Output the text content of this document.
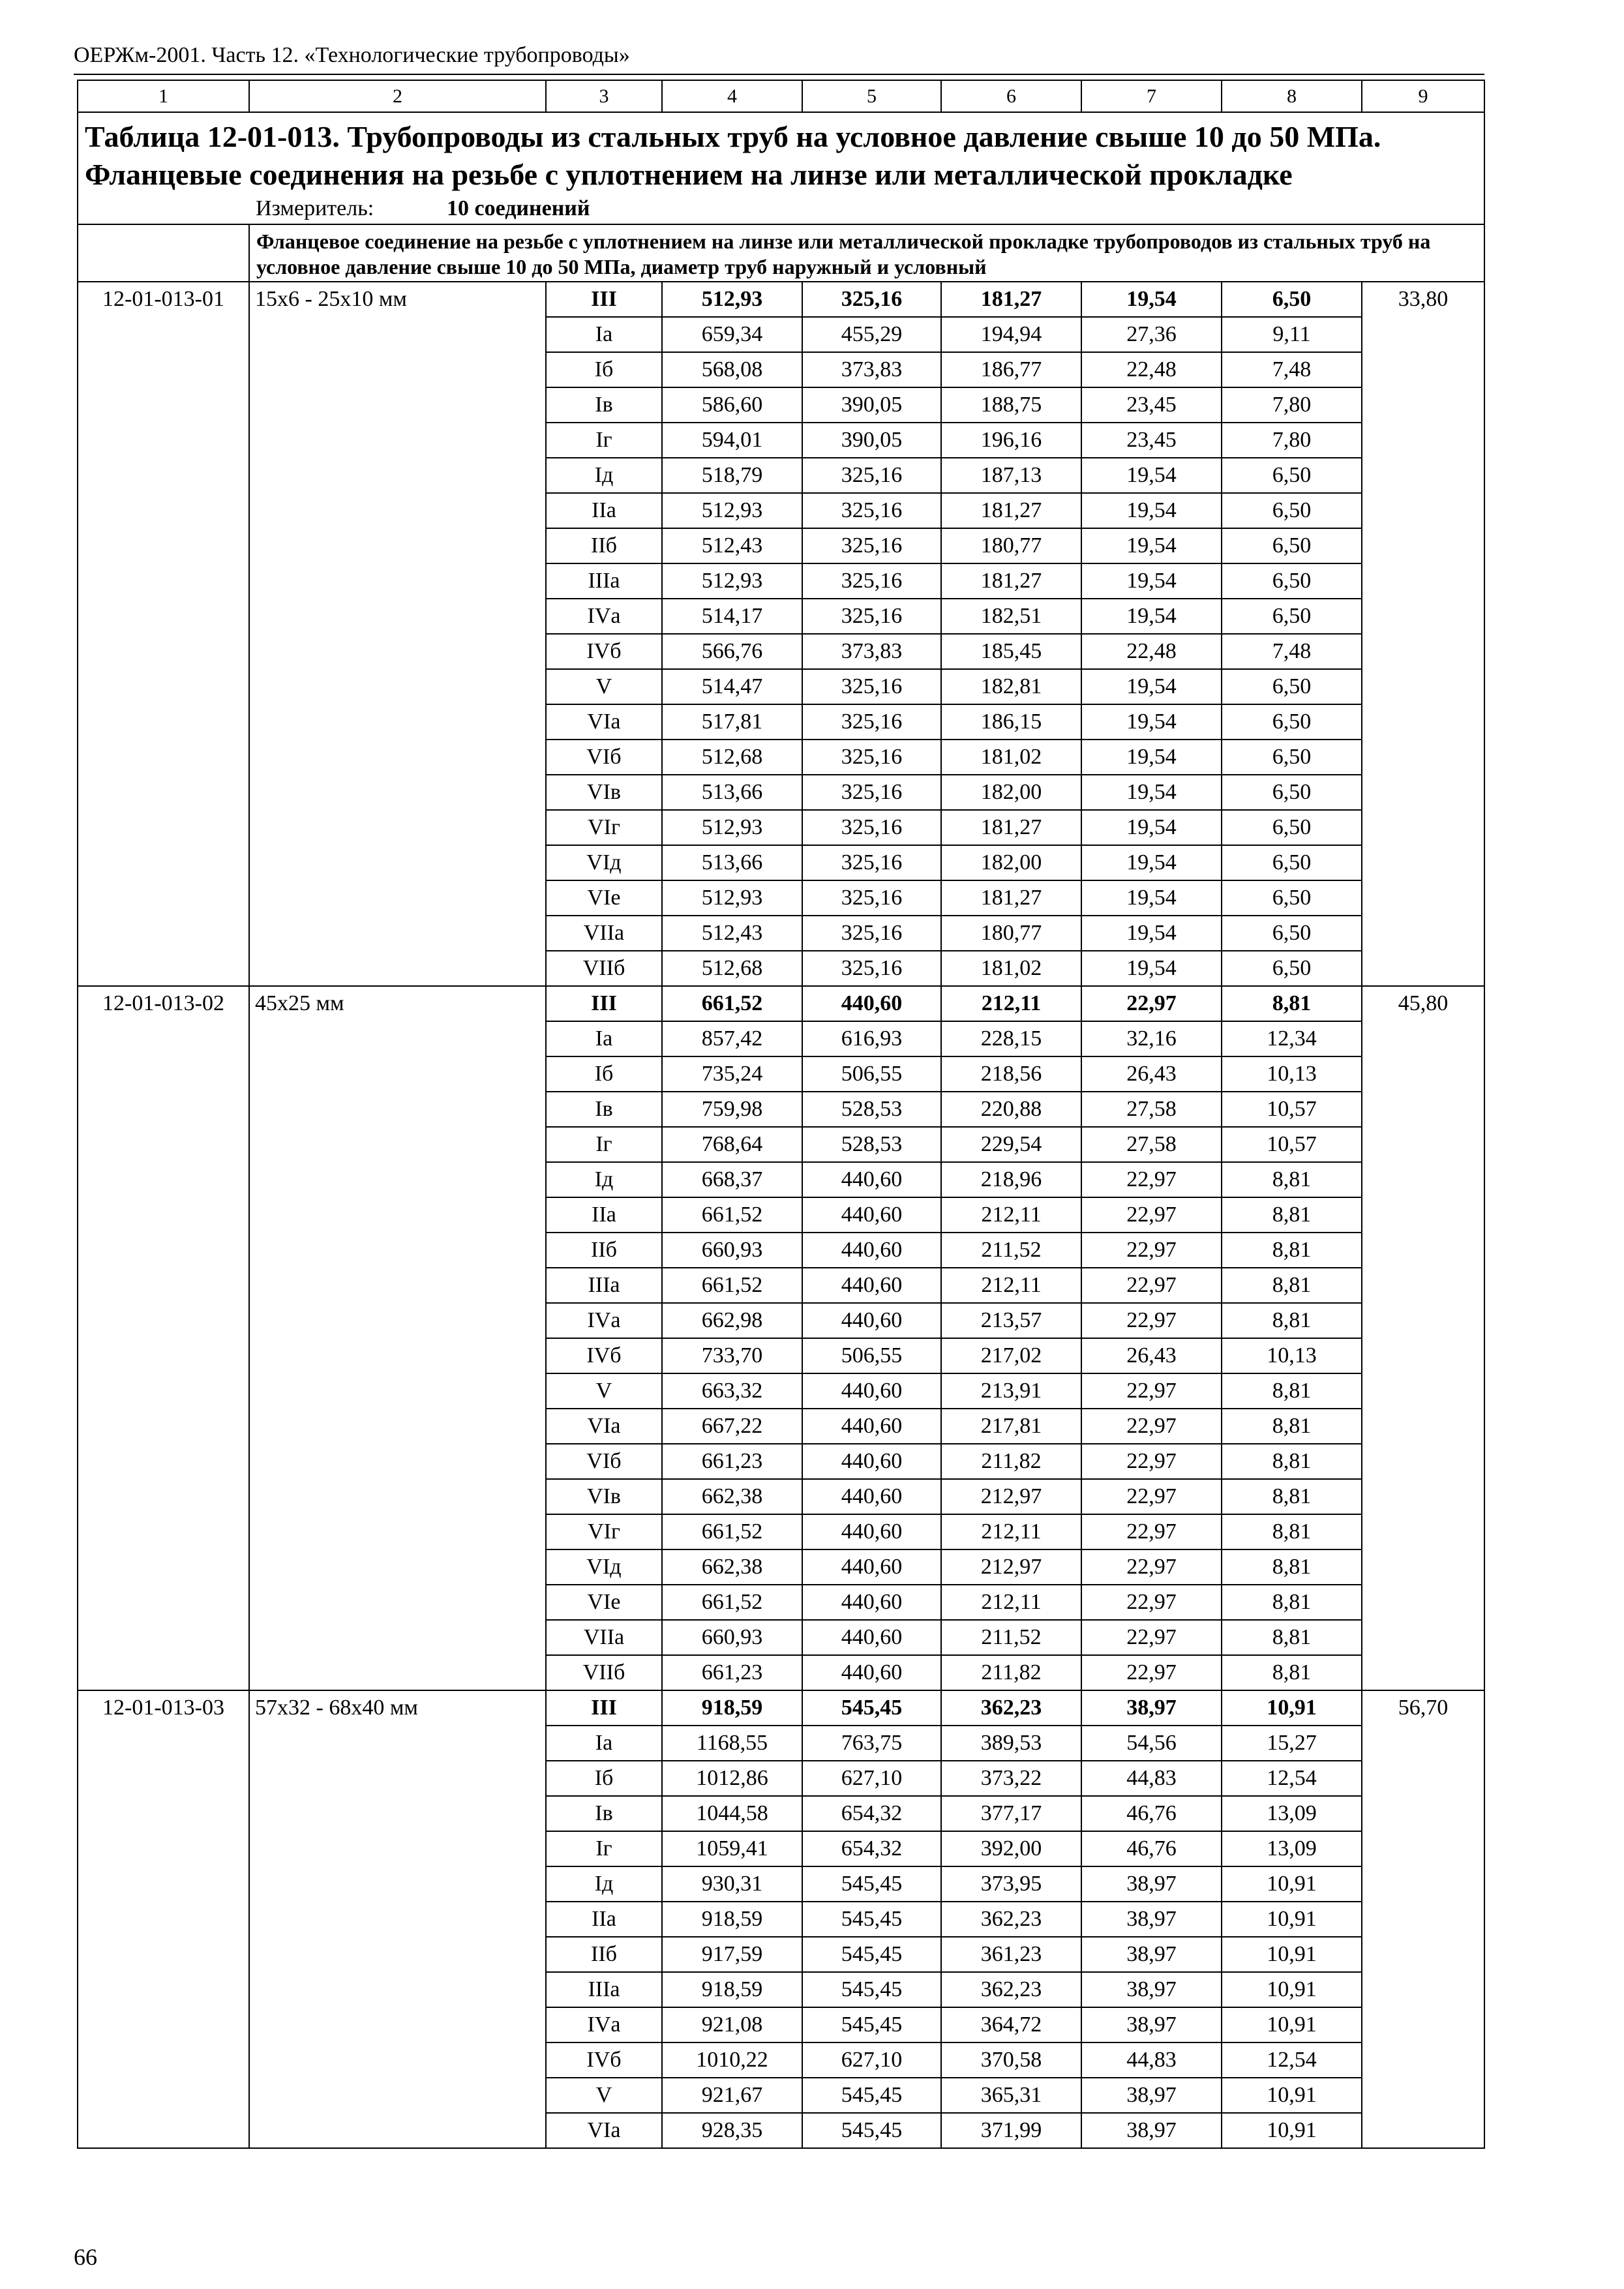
ОЕРЖм-2001. Часть 12. «Технологические трубопроводы»
1	2	3	4	5	6	7	8	9
Таблица 12-01-013. Трубопроводы из стальных труб на условное давление свыше 10 до 50 МПа. Фланцевые соединения на резьбе с уплотнением на линзе или металлической прокладке								

Измеритель: 10 соединений								

	Фланцевое соединение на резьбе с уплотнением на линзе или металлической прокладке трубопроводов из стальных труб на условное давление свыше 10 до 50 МПа, диаметр труб наружный и условный							
12-01-013-01	15х6 - 25х10 мм	III	512,93	325,16	181,27	19,54	6,50	33,80
		Iа	659,34	455,29	194,94	27,36	9,11	
		Iб	568,08	373,83	186,77	22,48	7,48	
		Iв	586,60	390,05	188,75	23,45	7,80	
		Iг	594,01	390,05	196,16	23,45	7,80	
		Iд	518,79	325,16	187,13	19,54	6,50	
		IIа	512,93	325,16	181,27	19,54	6,50	
		IIб	512,43	325,16	180,77	19,54	6,50	
		IIIа	512,93	325,16	181,27	19,54	6,50	
		IVа	514,17	325,16	182,51	19,54	6,50	
		IVб	566,76	373,83	185,45	22,48	7,48	
		V	514,47	325,16	182,81	19,54	6,50	
		VIа	517,81	325,16	186,15	19,54	6,50	
		VIб	512,68	325,16	181,02	19,54	6,50	
		VIв	513,66	325,16	182,00	19,54	6,50	
		VIг	512,93	325,16	181,27	19,54	6,50	
		VIд	513,66	325,16	182,00	19,54	6,50	
		VIе	512,93	325,16	181,27	19,54	6,50	
		VIIа	512,43	325,16	180,77	19,54	6,50	
		VIIб	512,68	325,16	181,02	19,54	6,50	
12-01-013-02	45х25 мм	III	661,52	440,60	212,11	22,97	8,81	45,80
		Iа	857,42	616,93	228,15	32,16	12,34	
		Iб	735,24	506,55	218,56	26,43	10,13	
		Iв	759,98	528,53	220,88	27,58	10,57	
		Iг	768,64	528,53	229,54	27,58	10,57	
		Iд	668,37	440,60	218,96	22,97	8,81	
		IIа	661,52	440,60	212,11	22,97	8,81	
		IIб	660,93	440,60	211,52	22,97	8,81	
		IIIа	661,52	440,60	212,11	22,97	8,81	
		IVа	662,98	440,60	213,57	22,97	8,81	
		IVб	733,70	506,55	217,02	26,43	10,13	
		V	663,32	440,60	213,91	22,97	8,81	
		VIа	667,22	440,60	217,81	22,97	8,81	
		VIб	661,23	440,60	211,82	22,97	8,81	
		VIв	662,38	440,60	212,97	22,97	8,81	
		VIг	661,52	440,60	212,11	22,97	8,81	
		VIд	662,38	440,60	212,97	22,97	8,81	
		VIе	661,52	440,60	212,11	22,97	8,81	
		VIIа	660,93	440,60	211,52	22,97	8,81	
		VIIб	661,23	440,60	211,82	22,97	8,81	
12-01-013-03	57х32 - 68х40 мм	III	918,59	545,45	362,23	38,97	10,91	56,70
		Iа	1168,55	763,75	389,53	54,56	15,27	
		Iб	1012,86	627,10	373,22	44,83	12,54	
		Iв	1044,58	654,32	377,17	46,76	13,09	
		Iг	1059,41	654,32	392,00	46,76	13,09	
		Iд	930,31	545,45	373,95	38,97	10,91	
		IIа	918,59	545,45	362,23	38,97	10,91	
		IIб	917,59	545,45	361,23	38,97	10,91	
		IIIа	918,59	545,45	362,23	38,97	10,91	
		IVа	921,08	545,45	364,72	38,97	10,91	
		IVб	1010,22	627,10	370,58	44,83	12,54	
		V	921,67	545,45	365,31	38,97	10,91	
		VIа	928,35	545,45	371,99	38,97	10,91	
66
